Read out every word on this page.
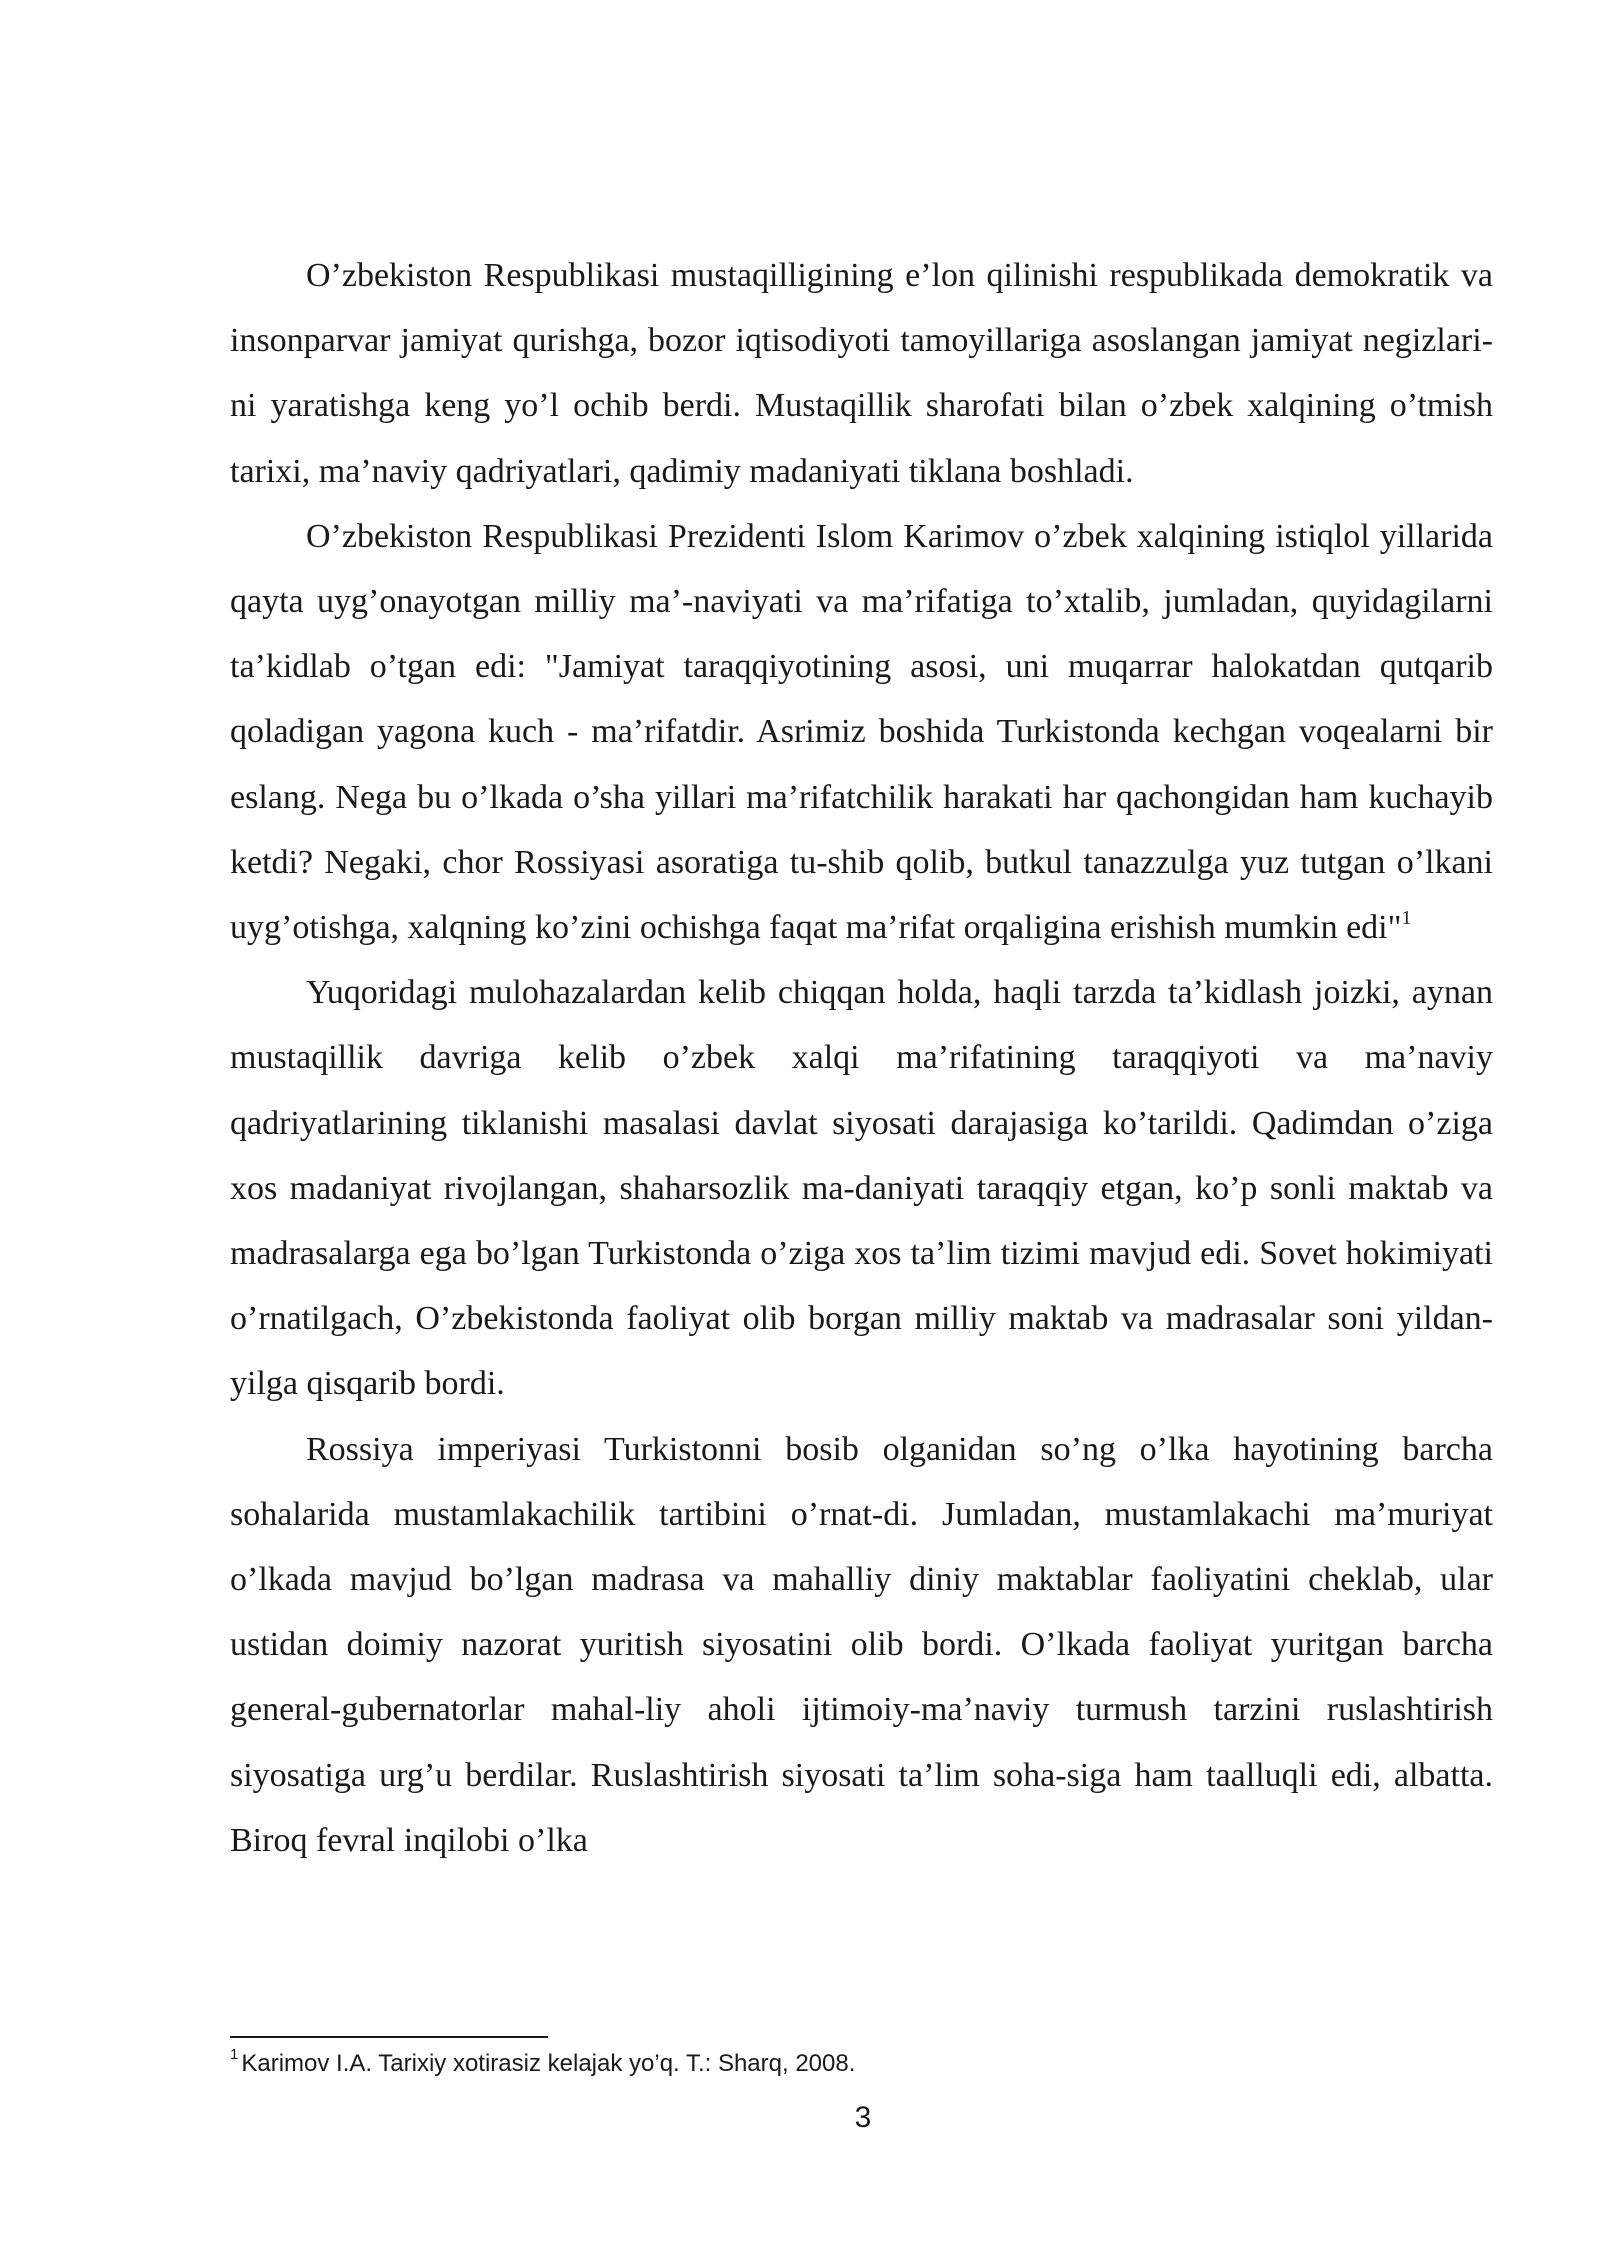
O’zbekiston Respublikasi mustaqilligining e’lon qilinishi respublikada demokratik va insonparvar jamiyat qurishga, bozor iqtisodiyoti tamoyillariga asoslangan jamiyat negizlari-ni yaratishga keng yo’l ochib berdi. Mustaqillik sharofati bilan o’zbek xalqining o’tmish tarixi, ma’naviy qadriyatlari, qadimiy madaniyati tiklana boshladi.

O’zbekiston Respublikasi Prezidenti Islom Karimov o’zbek xalqining istiqlol yillarida qayta uyg’onayotgan milliy ma’-naviyati va ma’rifatiga to’xtalib, jumladan, quyidagilarni ta’kidlab o’tgan edi: "Jamiyat taraqqiyotining asosi, uni muqarrar halokatdan qutqarib qoladigan yagona kuch - ma’rifatdir. Asrimiz boshida Turkistonda kechgan voqealarni bir eslang. Nega bu o’lkada o’sha yillari ma’rifatchilik harakati har qachongidan ham kuchayib ketdi? Negaki, chor Rossiyasi asoratiga tu-shib qolib, butkul tanazzulga yuz tutgan o’lkani uyg’otishga, xalqning ko’zini ochishga faqat ma’rifat orqaligina erishish mumkin edi"$^1$

Yuqoridagi mulohazalardan kelib chiqqan holda, haqli tarzda ta’kidlash joizki, aynan mustaqillik davriga kelib o’zbek xalqi ma’rifatining taraqqiyoti va ma’naviy qadriyatlarining tiklanishi masalasi davlat siyosati darajasiga ko’tarildi. Qadimdan o’ziga xos madaniyat rivojlangan, shaharsozlik ma-daniyati taraqqiy etgan, ko’p sonli maktab va madrasalarga ega bo’lgan Turkistonda o’ziga xos ta’lim tizimi mavjud edi. Sovet hokimiyati o’rnatilgach, O’zbekistonda faoliyat olib borgan milliy maktab va madrasalar soni yildan-yilga qisqarib bordi.

Rossiya imperiyasi Turkistonni bosib olganidan so’ng o’lka hayotining barcha sohalarida mustamlakachilik tartibini o’rnat-di. Jumladan, mustamlakachi ma’muriyat o’lkada mavjud bo’lgan madrasa va mahalliy diniy maktablar faoliyatini cheklab, ular ustidan doimiy nazorat yuritish siyosatini olib bordi. O’lkada faoliyat yuritgan barcha general-gubernatorlar mahal-liy aholi ijtimoiy-ma’naviy turmush tarzini ruslashtirish siyosatiga urg’u berdilar. Ruslashtirish siyosati ta’lim soha-siga ham taalluqli edi, albatta. Biroq fevral inqilobi o’lka

$^1$ Karimov I.A. Tarixiy xotirasiz kelajak yo’q. T.: Sharq, 2008.
3
